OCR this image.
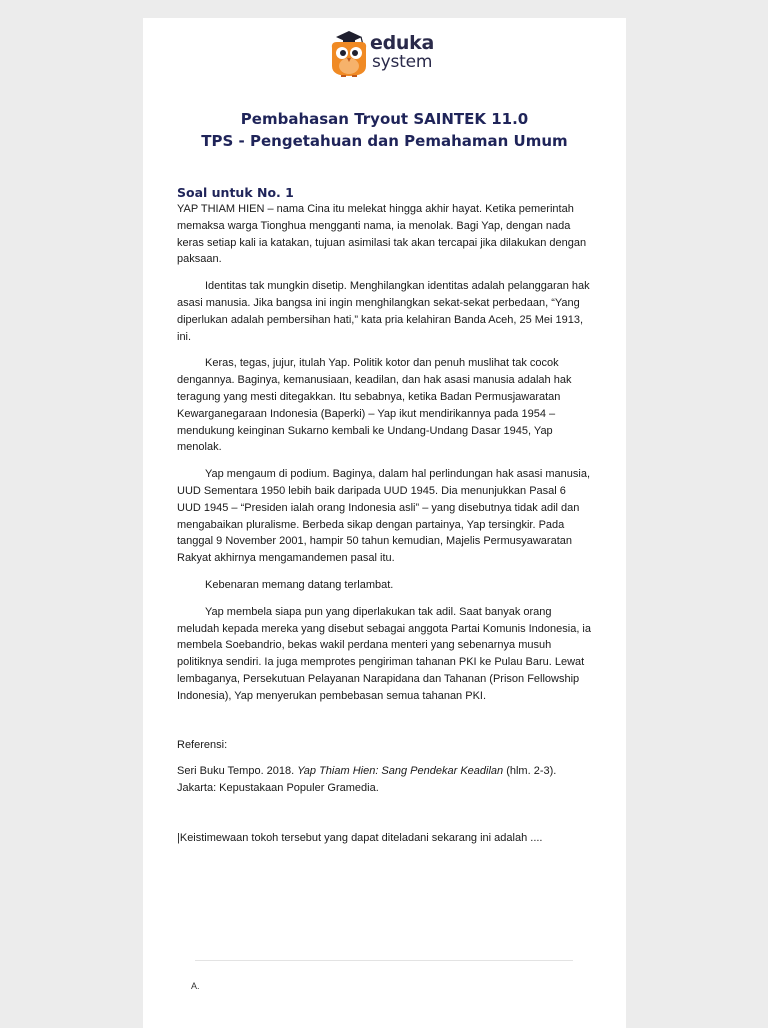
eduka
system
Pembahasan Tryout SAINTEK 11.0
TPS - Pengetahuan dan Pemahaman Umum
Soal untuk No. 1

YAP THIAM HIEN – nama Cina itu melekat hingga akhir hayat. Ketika pemerintah memaksa warga Tionghua mengganti nama, ia menolak. Bagi Yap, dengan nada keras setiap kali ia katakan, tujuan asimilasi tak akan tercapai jika dilakukan dengan paksaan.

Identitas tak mungkin disetip. Menghilangkan identitas adalah pelanggaran hak asasi manusia. Jika bangsa ini ingin menghilangkan sekat-sekat perbedaan, “Yang diperlukan adalah pembersihan hati,” kata pria kelahiran Banda Aceh, 25 Mei 1913, ini.

Keras, tegas, jujur, itulah Yap. Politik kotor dan penuh muslihat tak cocok dengannya. Baginya, kemanusiaan, keadilan, dan hak asasi manusia adalah hak teragung yang mesti ditegakkan. Itu sebabnya, ketika Badan Permusjawaratan Kewarganegaraan Indonesia (Baperki) – Yap ikut mendirikannya pada 1954 – mendukung keinginan Sukarno kembali ke Undang-Undang Dasar 1945, Yap menolak.

Yap mengaum di podium. Baginya, dalam hal perlindungan hak asasi manusia, UUD Sementara 1950 lebih baik daripada UUD 1945. Dia menunjukkan Pasal 6 UUD 1945 – “Presiden ialah orang Indonesia asli” – yang disebutnya tidak adil dan mengabaikan pluralisme. Berbeda sikap dengan partainya, Yap tersingkir. Pada tanggal 9 November 2001, hampir 50 tahun kemudian, Majelis Permusyawaratan Rakyat akhirnya mengamandemen pasal itu.

Kebenaran memang datang terlambat.

Yap membela siapa pun yang diperlakukan tak adil. Saat banyak orang meludah kepada mereka yang disebut sebagai anggota Partai Komunis Indonesia, ia membela Soebandrio, bekas wakil perdana menteri yang sebenarnya musuh politiknya sendiri. Ia juga memprotes pengiriman tahanan PKI ke Pulau Baru. Lewat lembaganya, Persekutuan Pelayanan Narapidana dan Tahanan (Prison Fellowship Indonesia), Yap menyerukan pembebasan semua tahanan PKI.

Referensi:

Seri Buku Tempo. 2018. Yap Thiam Hien: Sang Pendekar Keadilan (hlm. 2-3). Jakarta: Kepustakaan Populer Gramedia.

|Keistimewaan tokoh tersebut yang dapat diteladani sekarang ini adalah ....

A.
